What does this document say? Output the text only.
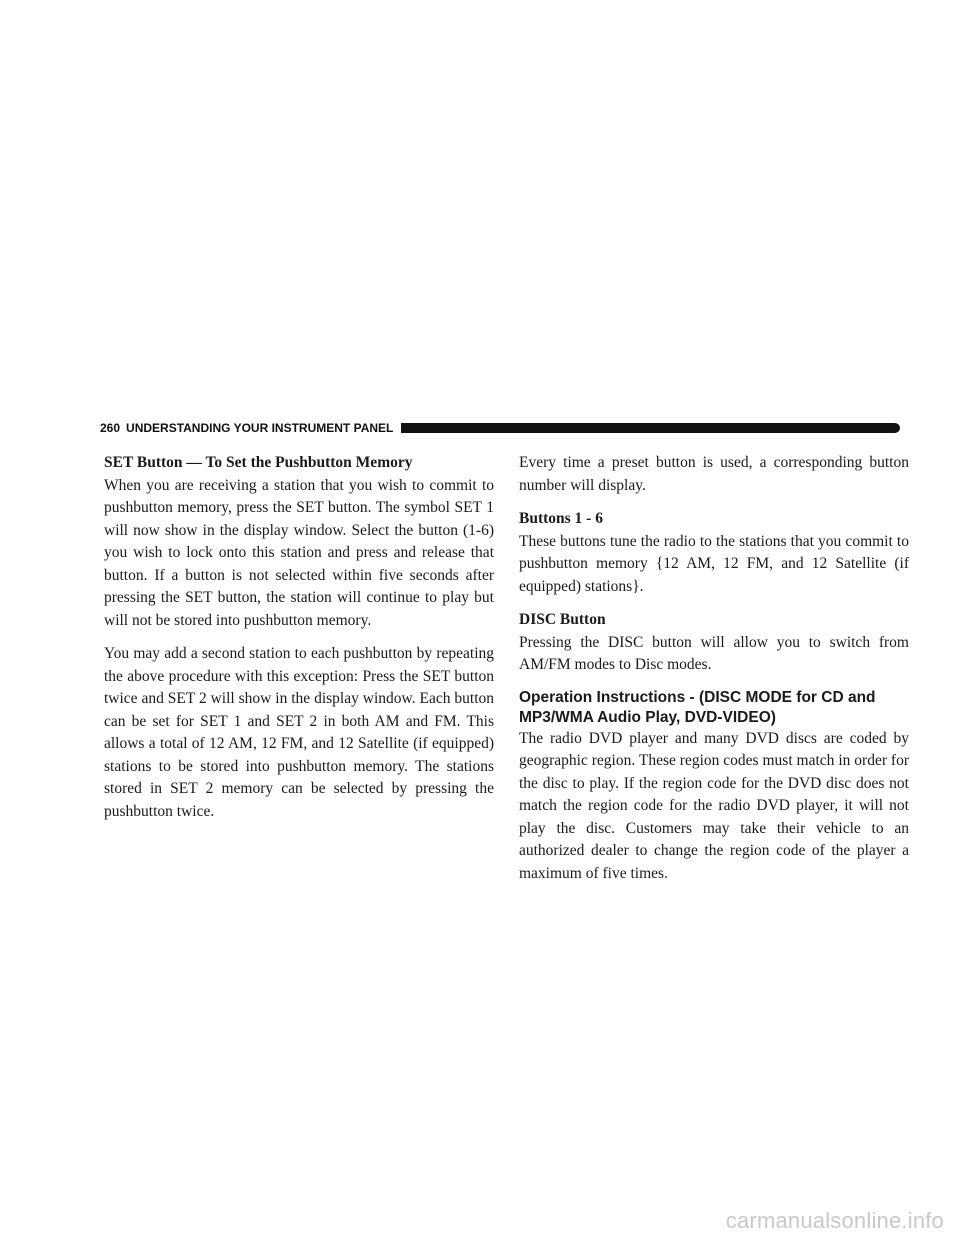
260 UNDERSTANDING YOUR INSTRUMENT PANEL
SET Button — To Set the Pushbutton Memory

When you are receiving a station that you wish to commit to pushbutton memory, press the SET button. The symbol SET 1 will now show in the display window. Select the button (1-6) you wish to lock onto this station and press and release that button. If a button is not selected within five seconds after pressing the SET button, the station will continue to play but will not be stored into pushbutton memory.

You may add a second station to each pushbutton by repeating the above procedure with this exception: Press the SET button twice and SET 2 will show in the display window. Each button can be set for SET 1 and SET 2 in both AM and FM. This allows a total of 12 AM, 12 FM, and 12 Satellite (if equipped) stations to be stored into pushbutton memory. The stations stored in SET 2 memory can be selected by pressing the pushbutton twice.

Every time a preset button is used, a corresponding button number will display.

Buttons 1 - 6

These buttons tune the radio to the stations that you commit to pushbutton memory {12 AM, 12 FM, and 12 Satellite (if equipped) stations}.

DISC Button

Pressing the DISC button will allow you to switch from AM/FM modes to Disc modes.

Operation Instructions - (DISC MODE for CD and MP3/WMA Audio Play, DVD-VIDEO)

The radio DVD player and many DVD discs are coded by geographic region. These region codes must match in order for the disc to play. If the region code for the DVD disc does not match the region code for the radio DVD player, it will not play the disc. Customers may take their vehicle to an authorized dealer to change the region code of the player a maximum of five times.

carmanualsonline.info
